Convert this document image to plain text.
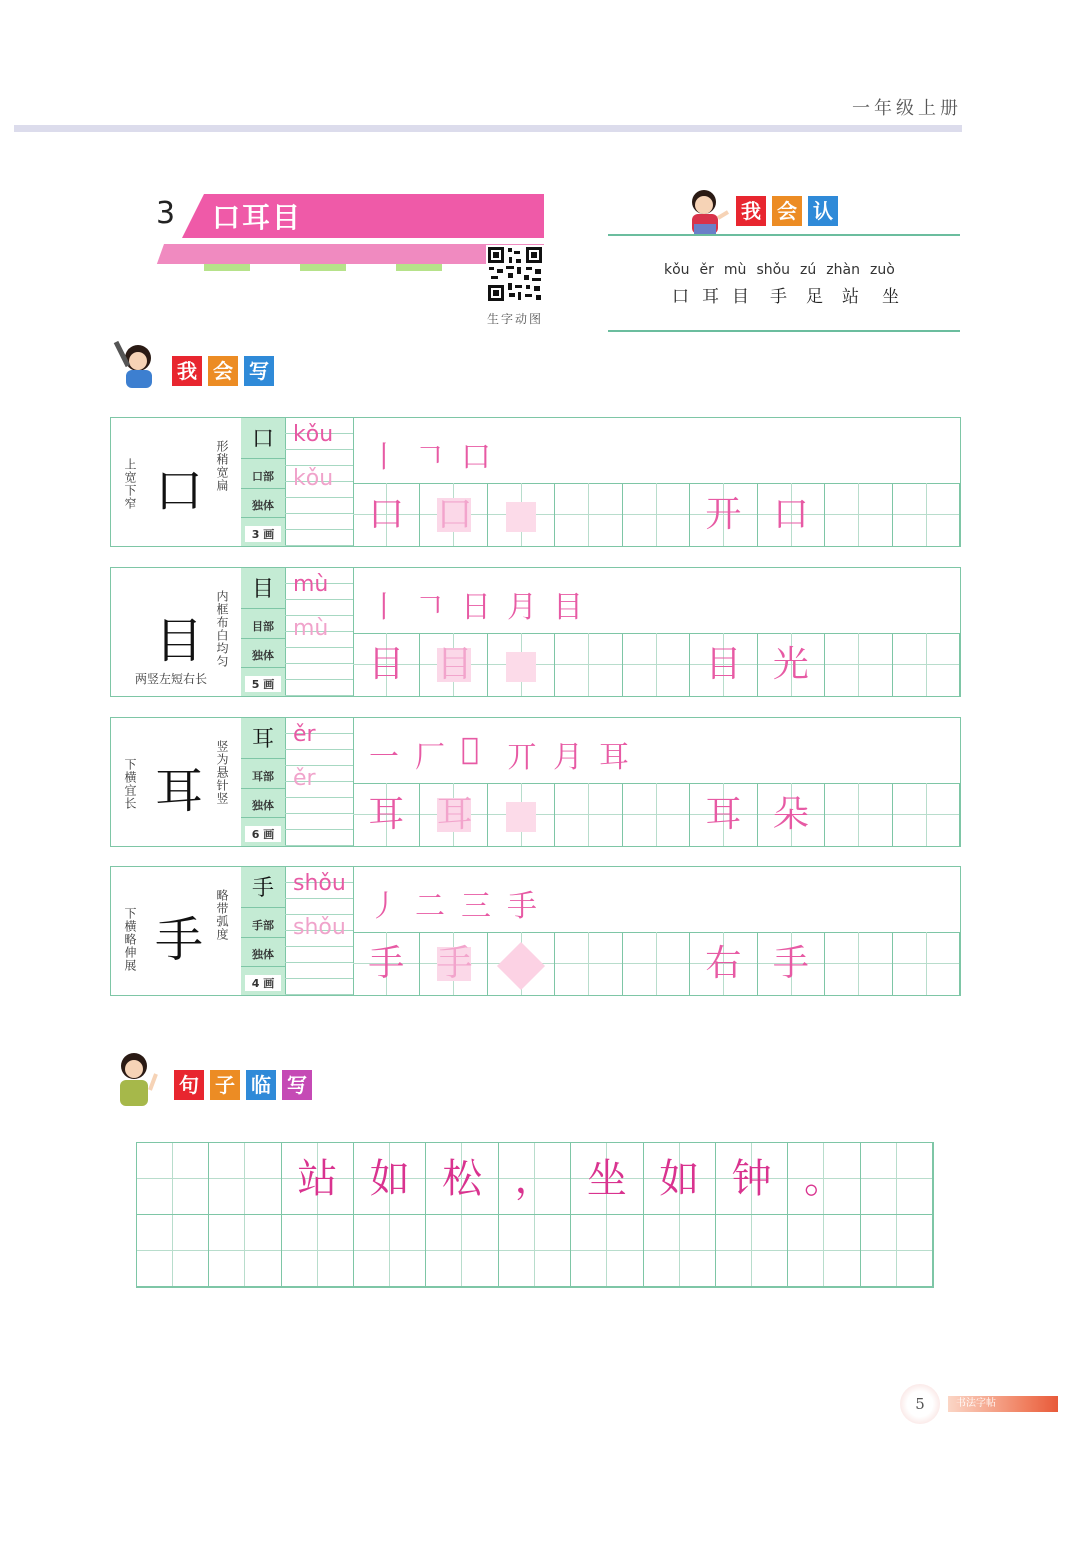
一年级上册
3 口耳目
生字动图
我 会 认
kǒu ěr mù shǒu zú zhàn zuò
口 耳 目 手 足 站 坐
我 会 写
上宽下窄 口 形稍宽扁
口
口部
独体
3 画
kǒu
kǒu
丨 𠃍 口
口 口	开 口
目 内框布白均匀
两竖左短右长
目
目部
独体
5 画
mù
mù
丨 𠃍 日 月 目
目 目	目 光
下横宜长 耳 竖为悬针竖
耳
耳部
独体
6 画
ěr
ěr
一 厂 𬺰 丌 月 耳
耳 耳	耳 朵
下横略伸展 手 略带弧度
手
手部
独体
4 画
shǒu
shǒu
丿 二 三 手
手 手	右 手
句 子 临 写
站 如 松 ， 坐 如 钟 。
5	书法字帖
